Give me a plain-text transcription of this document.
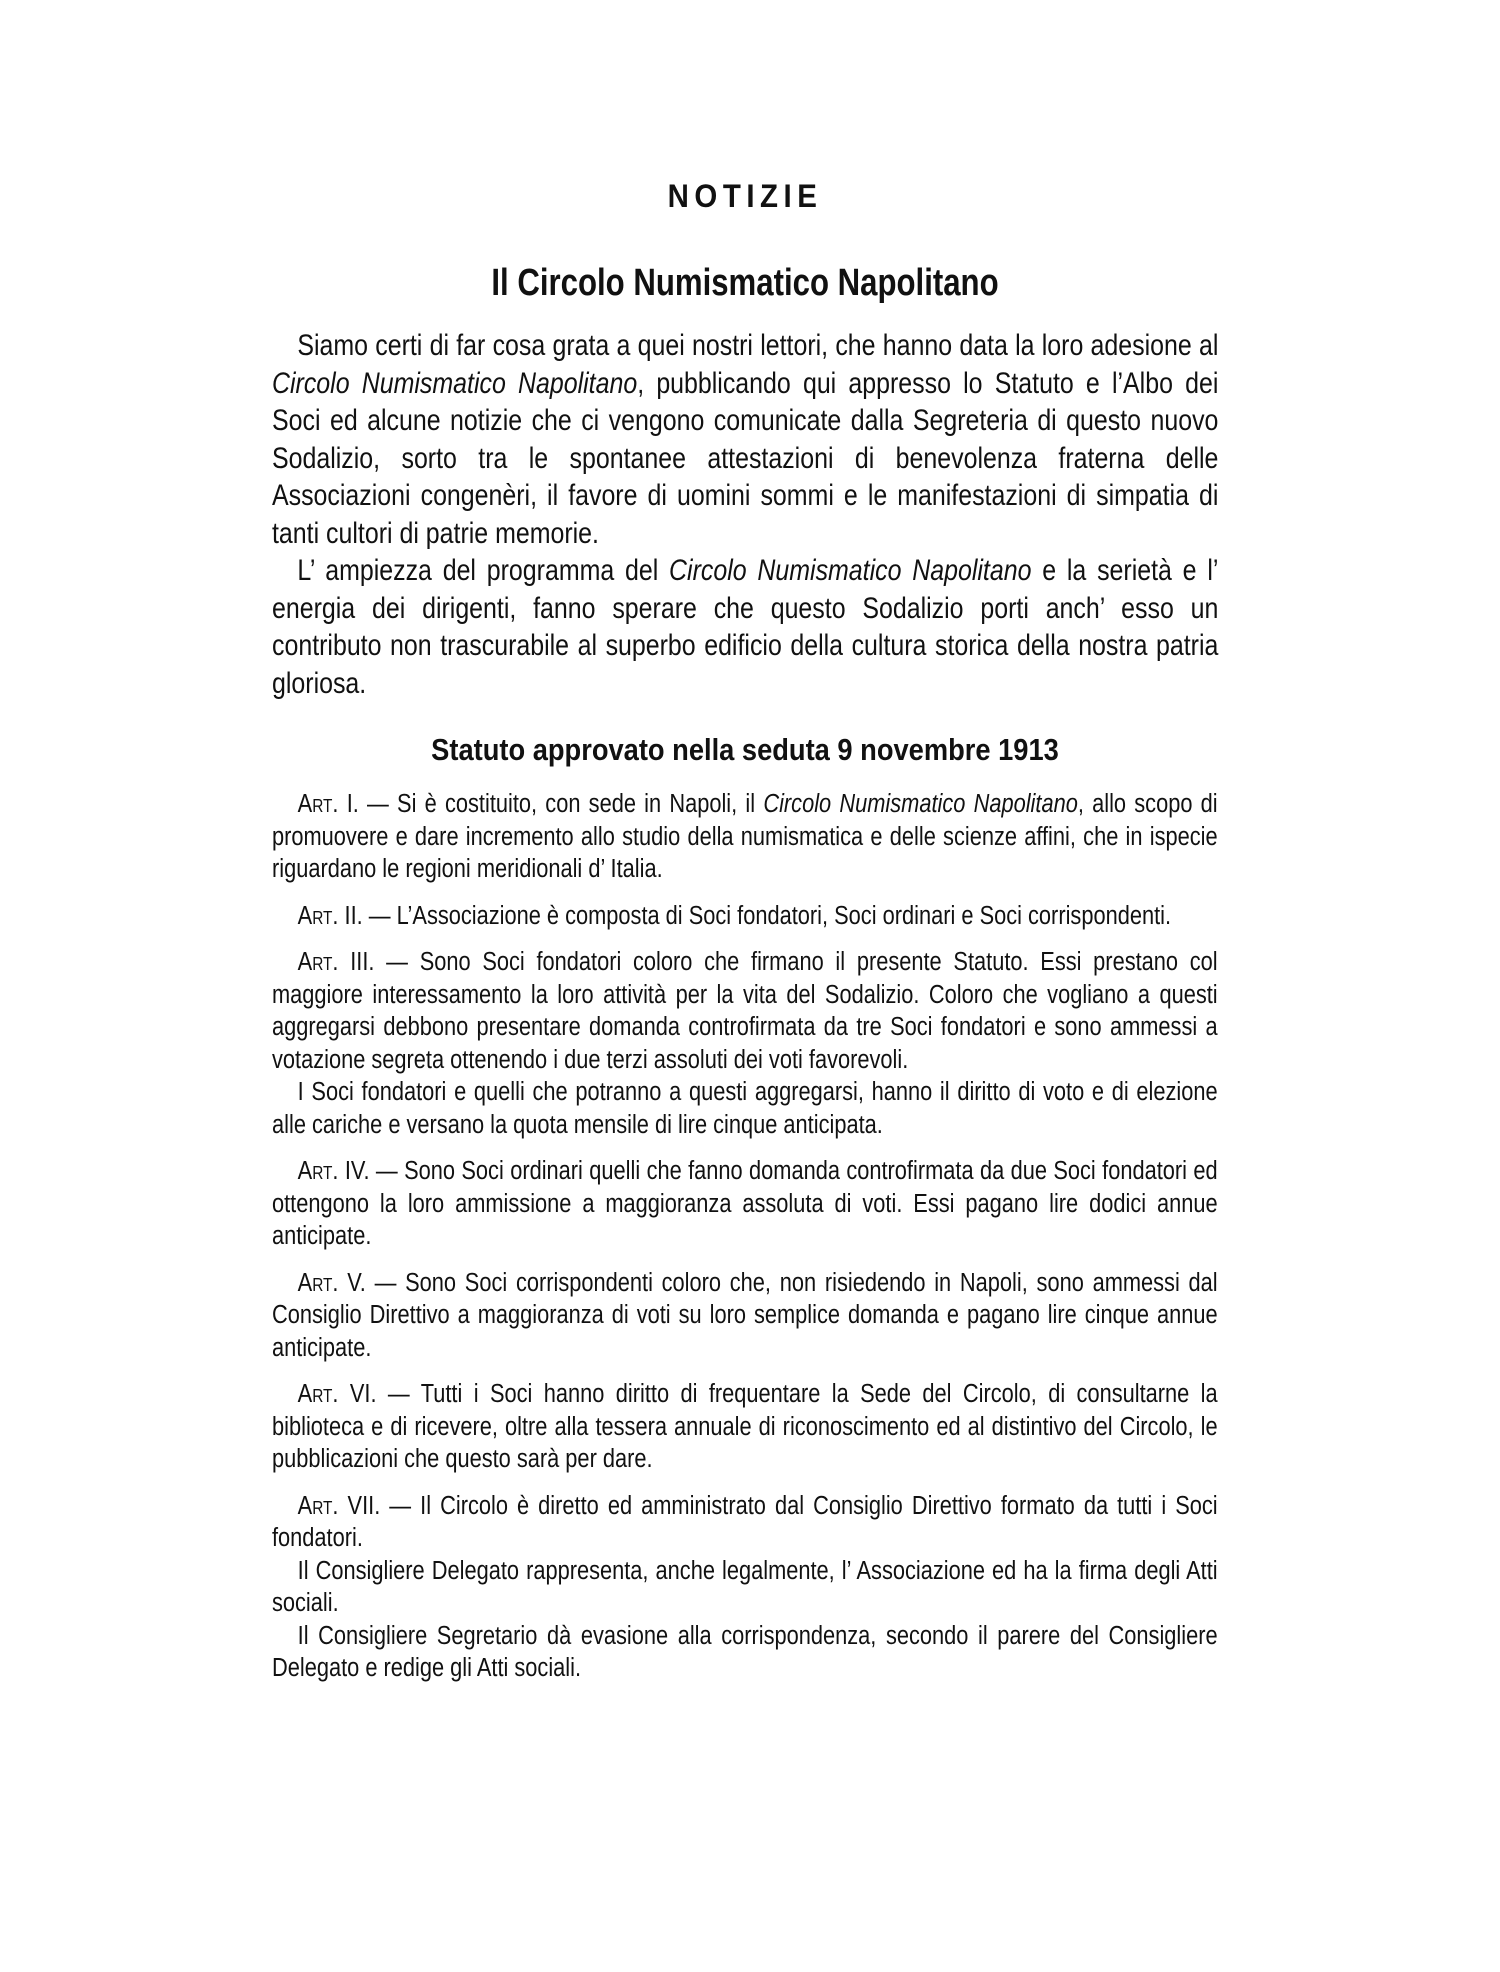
NOTIZIE
Il Circolo Numismatico Napolitano

Siamo certi di far cosa grata a quei nostri lettori, che hanno data la loro adesione al Circolo Numismatico Napolitano, pubblicando qui appresso lo Statuto e l’Albo dei Soci ed alcune notizie che ci vengono comunicate dalla Segreteria di questo nuovo Sodalizio, sorto tra le spontanee attestazioni di benevolenza fraterna delle Associazioni congenèri, il favore di uomini sommi e le manifestazioni di simpatia di tanti cultori di patrie memorie.

L’ ampiezza del programma del Circolo Numismatico Napolitano e la serietà e l’ energia dei dirigenti, fanno sperare che questo Sodalizio porti anch’ esso un contributo non trascurabile al superbo edificio della cultura storica della nostra patria gloriosa.

Statuto approvato nella seduta 9 novembre 1913

Art. I. — Si è costituito, con sede in Napoli, il Circolo Numismatico Napolitano, allo scopo di promuovere e dare incremento allo studio della numismatica e delle scienze affini, che in ispecie riguardano le regioni meridionali d’ Italia.

Art. II. — L’Associazione è composta di Soci fondatori, Soci ordinari e Soci corrispondenti.

Art. III. — Sono Soci fondatori coloro che firmano il presente Statuto. Essi prestano col maggiore interessamento la loro attività per la vita del Sodalizio. Coloro che vogliano a questi aggregarsi debbono presentare domanda controfirmata da tre Soci fondatori e sono ammessi a votazione segreta ottenendo i due terzi assoluti dei voti favorevoli.

I Soci fondatori e quelli che potranno a questi aggregarsi, hanno il diritto di voto e di elezione alle cariche e versano la quota mensile di lire cinque anticipata.

Art. IV. — Sono Soci ordinari quelli che fanno domanda controfirmata da due Soci fondatori ed ottengono la loro ammissione a maggioranza assoluta di voti. Essi pagano lire dodici annue anticipate.

Art. V. — Sono Soci corrispondenti coloro che, non risiedendo in Napoli, sono ammessi dal Consiglio Direttivo a maggioranza di voti su loro semplice domanda e pagano lire cinque annue anticipate.

Art. VI. — Tutti i Soci hanno diritto di frequentare la Sede del Circolo, di consultarne la biblioteca e di ricevere, oltre alla tessera annuale di riconoscimento ed al distintivo del Circolo, le pubblicazioni che questo sarà per dare.

Art. VII. — Il Circolo è diretto ed amministrato dal Consiglio Direttivo formato da tutti i Soci fondatori.

Il Consigliere Delegato rappresenta, anche legalmente, l’ Associazione ed ha la firma degli Atti sociali.

Il Consigliere Segretario dà evasione alla corrispondenza, secondo il parere del Consigliere Delegato e redige gli Atti sociali.
